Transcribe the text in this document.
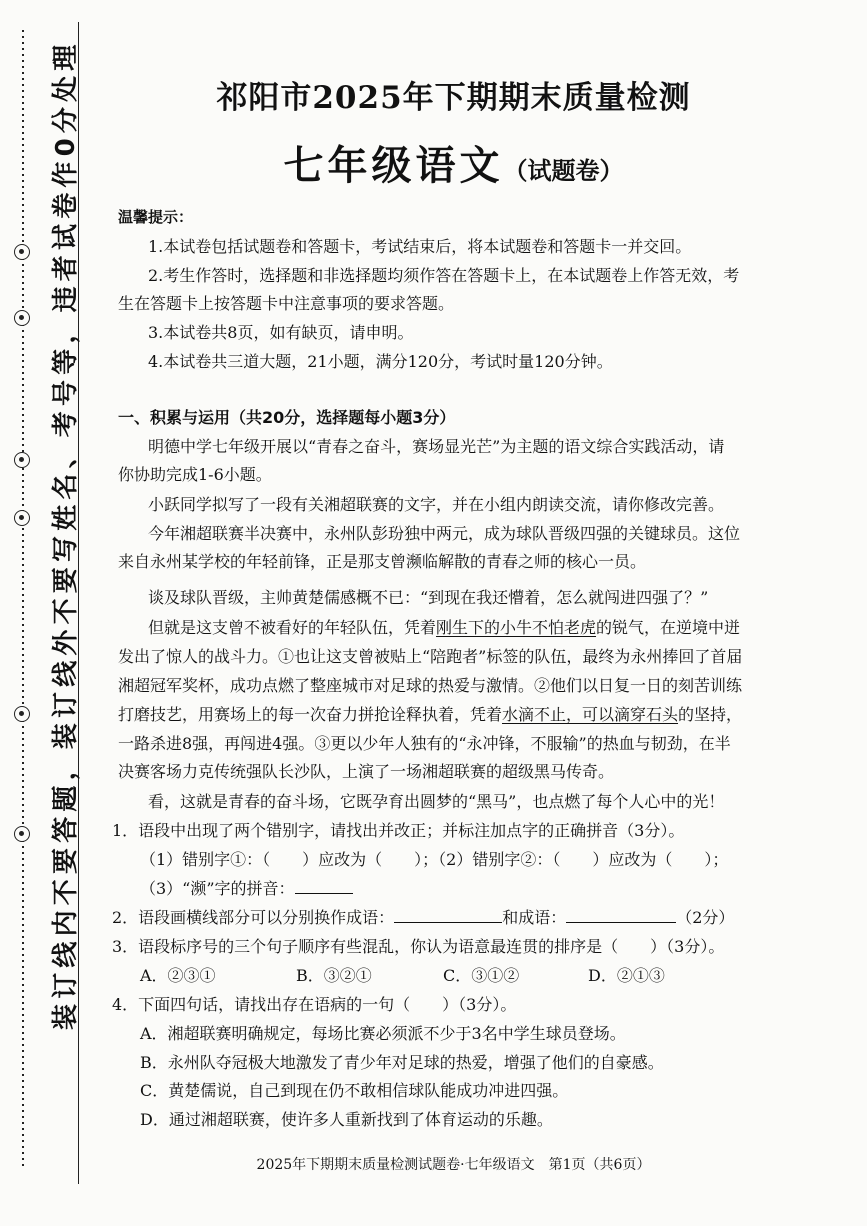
装订线内不要答题，装订线外不要写姓名、考号等，违者试卷作0分处理	祁阳市2025年下期期末质量检测
七年级语文（试题卷）
温馨提示：
1.本试卷包括试题卷和答题卡，考试结束后，将本试题卷和答题卡一并交回。
2.考生作答时，选择题和非选择题均须作答在答题卡上，在本试题卷上作答无效，考
生在答题卡上按答题卡中注意事项的要求答题。
3.本试卷共8页，如有缺页，请申明。
4.本试卷共三道大题，21小题，满分120分，考试时量120分钟。
一、积累与运用（共20分，选择题每小题3分）
明德中学七年级开展以“青春之奋斗，赛场显光芒”为主题的语文综合实践活动，请
你协助完成1-6小题。
小跃同学拟写了一段有关湘超联赛的文字，并在小组内朗读交流，请你修改完善。
今年湘超联赛半决赛中，永州队彭玢独中两元，成为球队晋级四强的关键球员。这位
来自永州某学校的年轻前锋，正是那支曾濒临解散的青春之师的核心一员。
谈及球队晋级，主帅黄楚儒感概不已：“到现在我还懵着，怎么就闯进四强了？”
但就是这支曾不被看好的年轻队伍，凭着刚生下的小牛不怕老虎的锐气，在逆境中迸
发出了惊人的战斗力。①也让这支曾被贴上“陪跑者”标签的队伍，最终为永州捧回了首届
湘超冠军奖杯，成功点燃了整座城市对足球的热爱与激情。②他们以日复一日的刻苦训练
打磨技艺，用赛场上的每一次奋力拼抢诠释执着，凭着水滴不止，可以滴穿石头的坚持，
一路杀进8强，再闯进4强。③更以少年人独有的“永冲锋，不服输”的热血与韧劲，在半
决赛客场力克传统强队长沙队，上演了一场湘超联赛的超级黑马传奇。
看，这就是青春的奋斗场，它既孕育出圆梦的“黑马”，也点燃了每个人心中的光！
1．语段中出现了两个错别字，请找出并改正；并标注加点字的正确拼音（3分）。
（1）错别字①：（　　）应改为（　　）；（2）错别字②：（　　）应改为（　　）；
（3）“濒”字的拼音：
2．语段画横线部分可以分别换作成语：	和成语：	（2分）
3．语段标序号的三个句子顺序有些混乱，你认为语意最连贯的排序是（　　）（3分）。
A．②③①	B．③②①	C．③①②	D．②①③
4．下面四句话，请找出存在语病的一句（　　）（3分）。
A．湘超联赛明确规定，每场比赛必须派不少于3名中学生球员登场。
B．永州队夺冠极大地激发了青少年对足球的热爱，增强了他们的自豪感。
C．黄楚儒说，自己到现在仍不敢相信球队能成功冲进四强。
D．通过湘超联赛，使许多人重新找到了体育运动的乐趣。
2025年下期期末质量检测试题卷·七年级语文　第1页（共6页）
